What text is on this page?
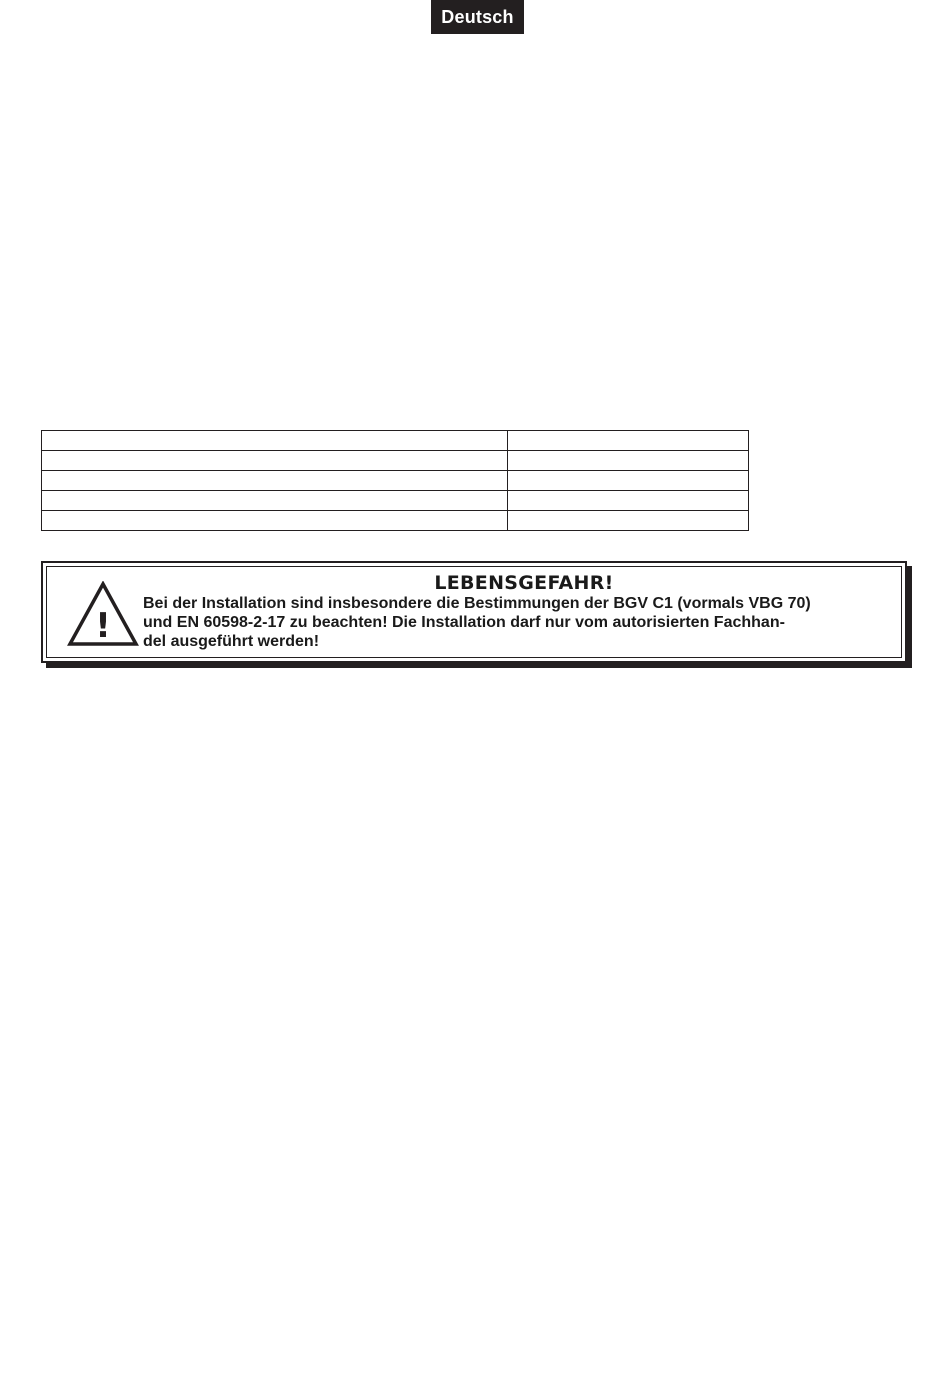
Deutsch

!
LEBENSGEFAHR!
Bei der Installation sind insbesondere die Bestimmungen der BGV C1 (vormals VBG 70)
und EN 60598-2-17 zu beachten! Die Installation darf nur vom autorisierten Fachhan-
del ausgeführt werden!
